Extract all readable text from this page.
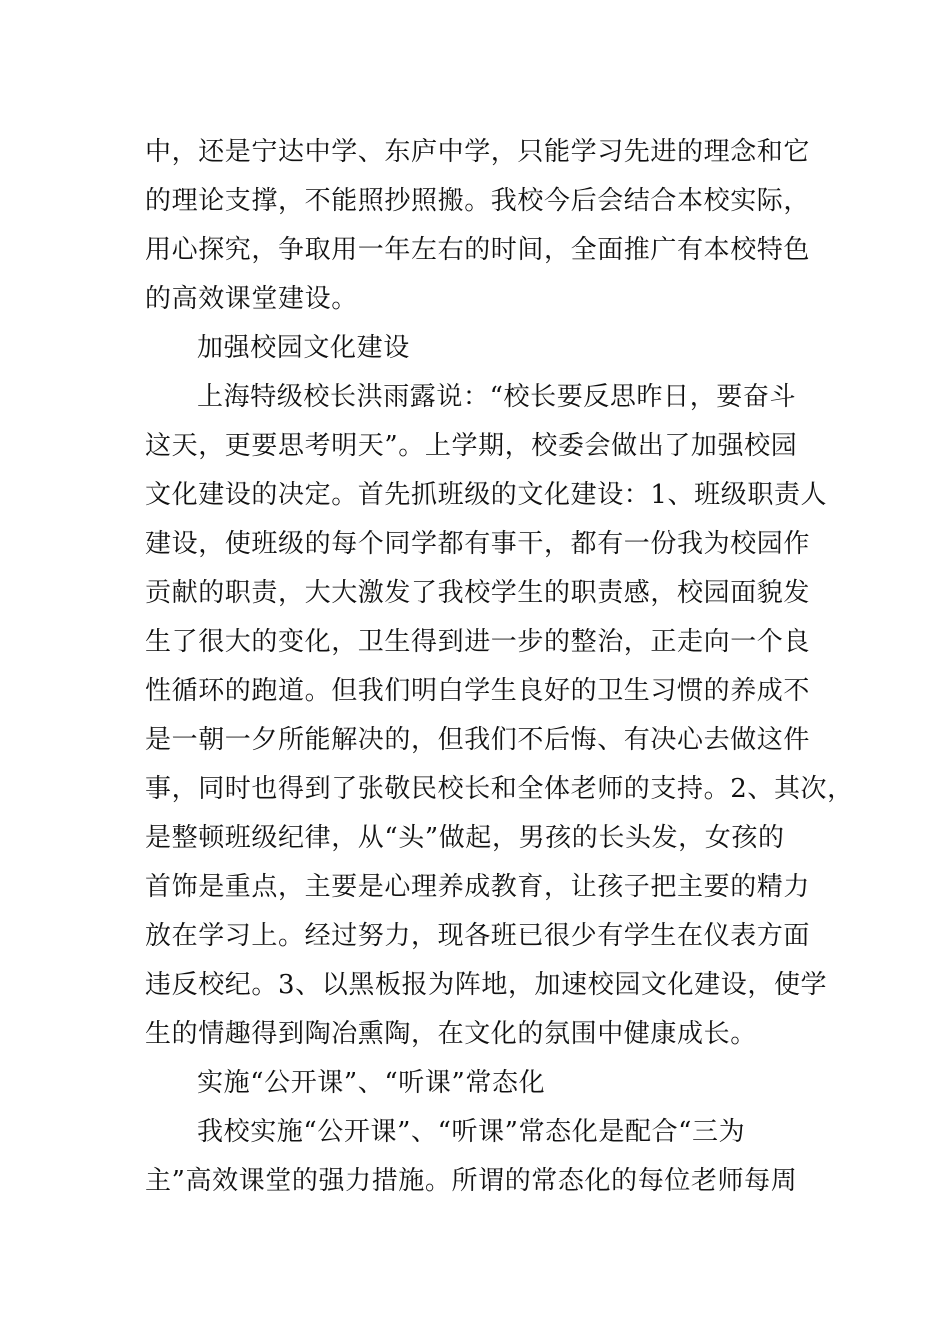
中，还是宁达中学、东庐中学，只能学习先进的理念和它
的理论支撑，不能照抄照搬。我校今后会结合本校实际，
用心探究，争取用一年左右的时间，全面推广有本校特色
的高效课堂建设。
加强校园文化建设
上海特级校长洪雨露说：“校长要反思昨日，要奋斗
这天，更要思考明天”。上学期，校委会做出了加强校园
文化建设的决定。首先抓班级的文化建设：1、班级职责人
建设，使班级的每个同学都有事干，都有一份我为校园作
贡献的职责，大大激发了我校学生的职责感，校园面貌发
生了很大的变化，卫生得到进一步的整治，正走向一个良
性循环的跑道。但我们明白学生良好的卫生习惯的养成不
是一朝一夕所能解决的，但我们不后悔、有决心去做这件
事，同时也得到了张敬民校长和全体老师的支持。2、其次，
是整顿班级纪律，从“头”做起，男孩的长头发，女孩的
首饰是重点，主要是心理养成教育，让孩子把主要的精力
放在学习上。经过努力，现各班已很少有学生在仪表方面
违反校纪。3、以黑板报为阵地，加速校园文化建设，使学
生的情趣得到陶冶熏陶，在文化的氛围中健康成长。
实施“公开课”、“听课”常态化
我校实施“公开课”、“听课”常态化是配合“三为
主”高效课堂的强力措施。所谓的常态化的每位老师每周
